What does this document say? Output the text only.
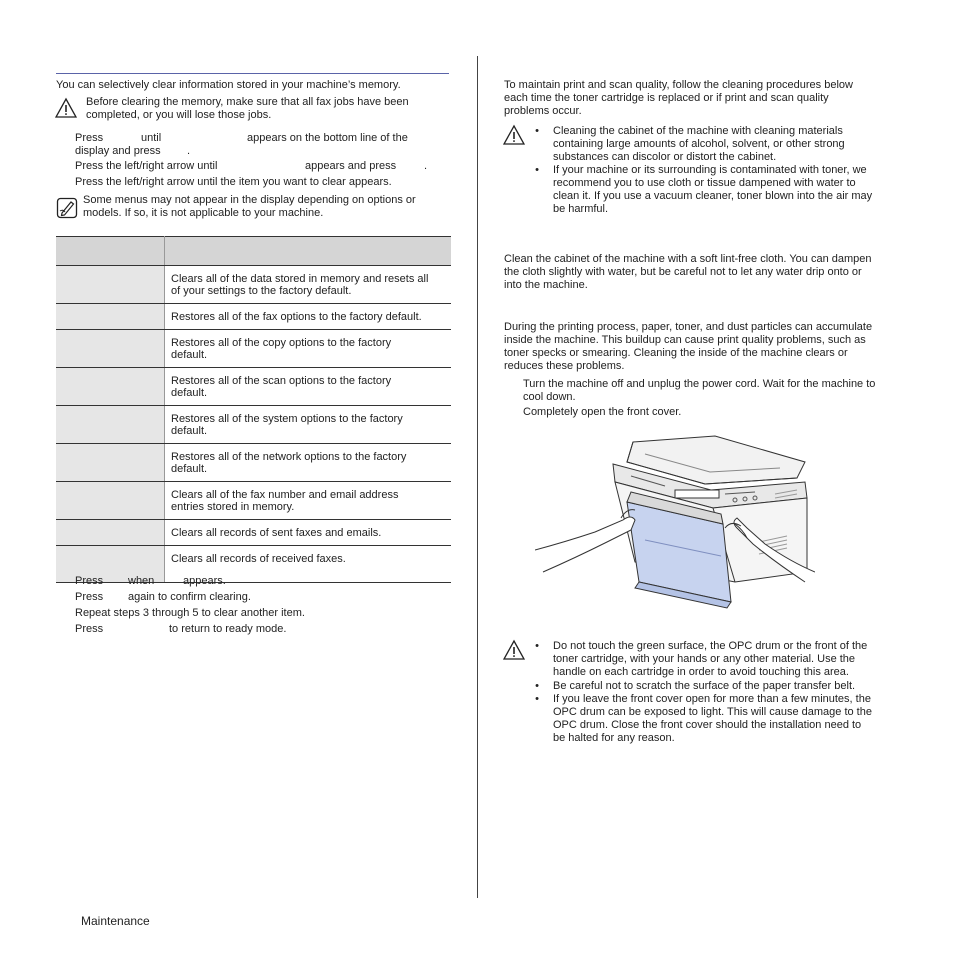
You can selectively clear information stored in your machine’s memory.
Before clearing the memory, make sure that all fax jobs have been
completed, or you will lose those jobs.
Press	until	appears on the bottom line of the
display and press .
Press the left/right arrow until	appears and press	.
Press the left/right arrow until the item you want to clear appears.
Some menus may not appear in the display depending on options or
models. If so, it is not applicable to your machine.

	Clears all of the data stored in memory and resets all
of your settings to the factory default.
	Restores all of the fax options to the factory default.
	Restores all of the copy options to the factory
default.
	Restores all of the scan options to the factory
default.
	Restores all of the system options to the factory
default.
	Restores all of the network options to the factory
default.
	Clears all of the fax number and email address
entries stored in memory.
	Clears all records of sent faxes and emails.
	Clears all records of received faxes.
Press when	appears.
Press again to confirm clearing.
Repeat steps 3 through 5 to clear another item.
Press	to return to ready mode.
To maintain print and scan quality, follow the cleaning procedures below
each time the toner cartridge is replaced or if print and scan quality
problems occur.
• Cleaning the cabinet of the machine with cleaning materials
containing large amounts of alcohol, solvent, or other strong
substances can discolor or distort the cabinet.
• If your machine or its surrounding is contaminated with toner, we
recommend you to use cloth or tissue dampened with water to
clean it. If you use a vacuum cleaner, toner blown into the air may
be harmful.
Clean the cabinet of the machine with a soft lint-free cloth. You can dampen
the cloth slightly with water, but be careful not to let any water drip onto or
into the machine.
During the printing process, paper, toner, and dust particles can accumulate
inside the machine. This buildup can cause print quality problems, such as
toner specks or smearing. Cleaning the inside of the machine clears or
reduces these problems.
Turn the machine off and unplug the power cord. Wait for the machine to
cool down.
Completely open the front cover.
• Do not touch the green surface, the OPC drum or the front of the
toner cartridge, with your hands or any other material. Use the
handle on each cartridge in order to avoid touching this area.
• Be careful not to scratch the surface of the paper transfer belt.
• If you leave the front cover open for more than a few minutes, the
OPC drum can be exposed to light. This will cause damage to the
OPC drum. Close the front cover should the installation need to
be halted for any reason.
Maintenance
